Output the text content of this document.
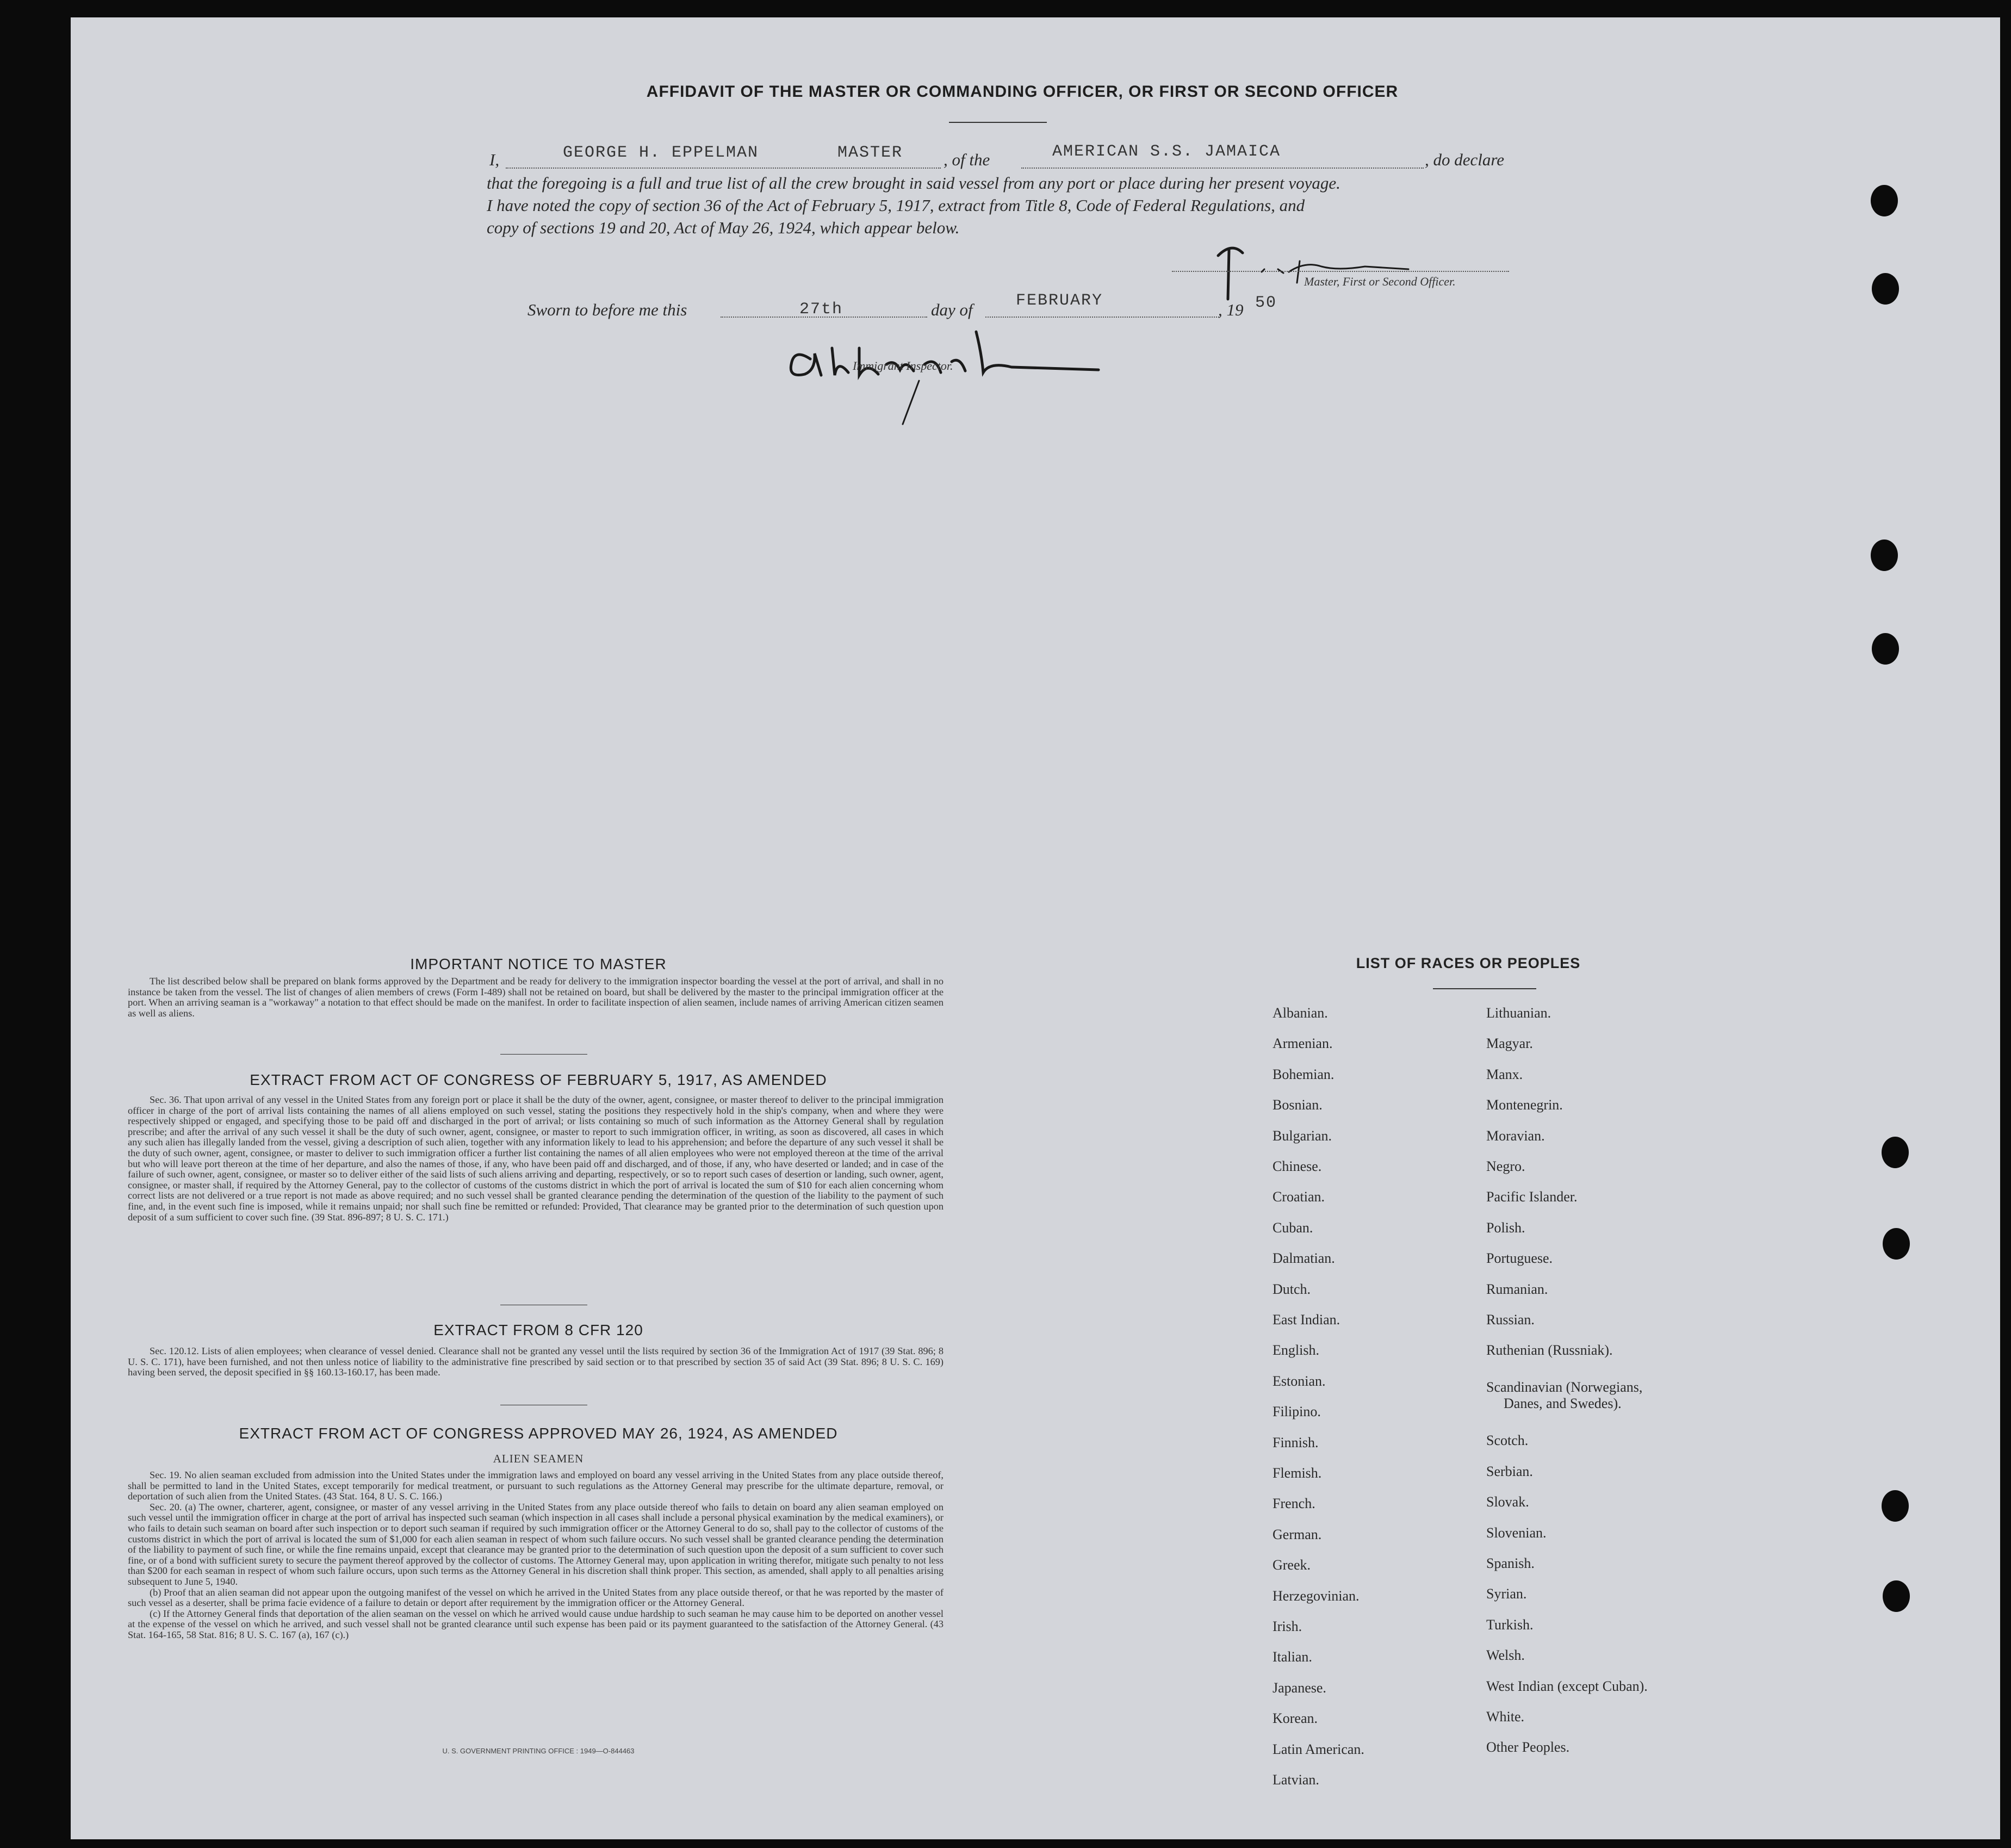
AFFIDAVIT OF THE MASTER OR COMMANDING OFFICER, OR FIRST OR SECOND OFFICER
I,	GEORGE H. EPPELMAN	MASTER , of the	AMERICAN S.S. JAMAICA	, do declare
that the foregoing is a full and true list of all the crew brought in said vessel from any port or place during her present voyage.
I have noted the copy of section 36 of the Act of February 5, 1917, extract from Title 8, Code of Federal Regulations, and
copy of sections 19 and 20, Act of May 26, 1924, which appear below.
Master, First or Second Officer.
Sworn to before me this	27th	day of	FEBRUARY	, 19 50
Immigrant Inspector.
IMPORTANT NOTICE TO MASTER
The list described below shall be prepared on blank forms approved by the Department and be ready for delivery to the immigration inspector boarding the vessel at the port of arrival, and shall in no instance be taken from the vessel. The list of changes of alien members of crews (Form I-489) shall not be retained on board, but shall be delivered by the master to the principal immigration officer at the port. When an arriving seaman is a "workaway" a notation to that effect should be made on the manifest. In order to facilitate inspection of alien seamen, include names of arriving American citizen seamen as well as aliens.
EXTRACT FROM ACT OF CONGRESS OF FEBRUARY 5, 1917, AS AMENDED
Sec. 36. That upon arrival of any vessel in the United States from any foreign port or place it shall be the duty of the owner, agent, consignee, or master thereof to deliver to the principal immigration officer in charge of the port of arrival lists containing the names of all aliens employed on such vessel, stating the positions they respectively hold in the ship's company, when and where they were respectively shipped or engaged, and specifying those to be paid off and discharged in the port of arrival; or lists containing so much of such information as the Attorney General shall by regulation prescribe; and after the arrival of any such vessel it shall be the duty of such owner, agent, consignee, or master to report to such immigration officer, in writing, as soon as discovered, all cases in which any such alien has illegally landed from the vessel, giving a description of such alien, together with any information likely to lead to his apprehension; and before the departure of any such vessel it shall be the duty of such owner, agent, consignee, or master to deliver to such immigration officer a further list containing the names of all alien employees who were not employed thereon at the time of the arrival but who will leave port thereon at the time of her departure, and also the names of those, if any, who have been paid off and discharged, and of those, if any, who have deserted or landed; and in case of the failure of such owner, agent, consignee, or master so to deliver either of the said lists of such aliens arriving and departing, respectively, or so to report such cases of desertion or landing, such owner, agent, consignee, or master shall, if required by the Attorney General, pay to the collector of customs of the customs district in which the port of arrival is located the sum of $10 for each alien concerning whom correct lists are not delivered or a true report is not made as above required; and no such vessel shall be granted clearance pending the determination of the question of the liability to the payment of such fine, and, in the event such fine is imposed, while it remains unpaid; nor shall such fine be remitted or refunded: Provided, That clearance may be granted prior to the determination of such question upon deposit of a sum sufficient to cover such fine. (39 Stat. 896-897; 8 U. S. C. 171.)
EXTRACT FROM 8 CFR 120
Sec. 120.12. Lists of alien employees; when clearance of vessel denied. Clearance shall not be granted any vessel until the lists required by section 36 of the Immigration Act of 1917 (39 Stat. 896; 8 U. S. C. 171), have been furnished, and not then unless notice of liability to the administrative fine prescribed by said section or to that prescribed by section 35 of said Act (39 Stat. 896; 8 U. S. C. 169) having been served, the deposit specified in §§ 160.13-160.17, has been made.
EXTRACT FROM ACT OF CONGRESS APPROVED MAY 26, 1924, AS AMENDED
ALIEN SEAMEN

Sec. 19. No alien seaman excluded from admission into the United States under the immigration laws and employed on board any vessel arriving in the United States from any place outside thereof, shall be permitted to land in the United States, except temporarily for medical treatment, or pursuant to such regulations as the Attorney General may prescribe for the ultimate departure, removal, or deportation of such alien from the United States. (43 Stat. 164, 8 U. S. C. 166.)

Sec. 20. (a) The owner, charterer, agent, consignee, or master of any vessel arriving in the United States from any place outside thereof who fails to detain on board any alien seaman employed on such vessel until the immigration officer in charge at the port of arrival has inspected such seaman (which inspection in all cases shall include a personal physical examination by the medical examiners), or who fails to detain such seaman on board after such inspection or to deport such seaman if required by such immigration officer or the Attorney General to do so, shall pay to the collector of customs of the customs district in which the port of arrival is located the sum of $1,000 for each alien seaman in respect of whom such failure occurs. No such vessel shall be granted clearance pending the determination of the liability to payment of such fine, or while the fine remains unpaid, except that clearance may be granted prior to the determination of such question upon the deposit of a sum sufficient to cover such fine, or of a bond with sufficient surety to secure the payment thereof approved by the collector of customs. The Attorney General may, upon application in writing therefor, mitigate such penalty to not less than $200 for each seaman in respect of whom such failure occurs, upon such terms as the Attorney General in his discretion shall think proper. This section, as amended, shall apply to all penalties arising subsequent to June 5, 1940.

(b) Proof that an alien seaman did not appear upon the outgoing manifest of the vessel on which he arrived in the United States from any place outside thereof, or that he was reported by the master of such vessel as a deserter, shall be prima facie evidence of a failure to detain or deport after requirement by the immigration officer or the Attorney General.

(c) If the Attorney General finds that deportation of the alien seaman on the vessel on which he arrived would cause undue hardship to such seaman he may cause him to be deported on another vessel at the expense of the vessel on which he arrived, and such vessel shall not be granted clearance until such expense has been paid or its payment guaranteed to the satisfaction of the Attorney General. (43 Stat. 164-165, 58 Stat. 816; 8 U. S. C. 167 (a), 167 (c).)

U. S. GOVERNMENT PRINTING OFFICE : 1949—O-844463
LIST OF RACES OR PEOPLES
Albanian.
Armenian.
Bohemian.
Bosnian.
Bulgarian.
Chinese.
Croatian.
Cuban.
Dalmatian.
Dutch.
East Indian.
English.
Estonian.
Filipino.
Finnish.
Flemish.
French.
German.
Greek.
Herzegovinian.
Irish.
Italian.
Japanese.
Korean.
Latin American.
Latvian.
Lithuanian.
Magyar.
Manx.
Montenegrin.
Moravian.
Negro.
Pacific Islander.
Polish.
Portuguese.
Rumanian.
Russian.
Ruthenian (Russniak).
Scandinavian (Norwegians,
Danes, and Swedes).
Scotch.
Serbian.
Slovak.
Slovenian.
Spanish.
Syrian.
Turkish.
Welsh.
West Indian (except Cuban).
White.
Other Peoples.
